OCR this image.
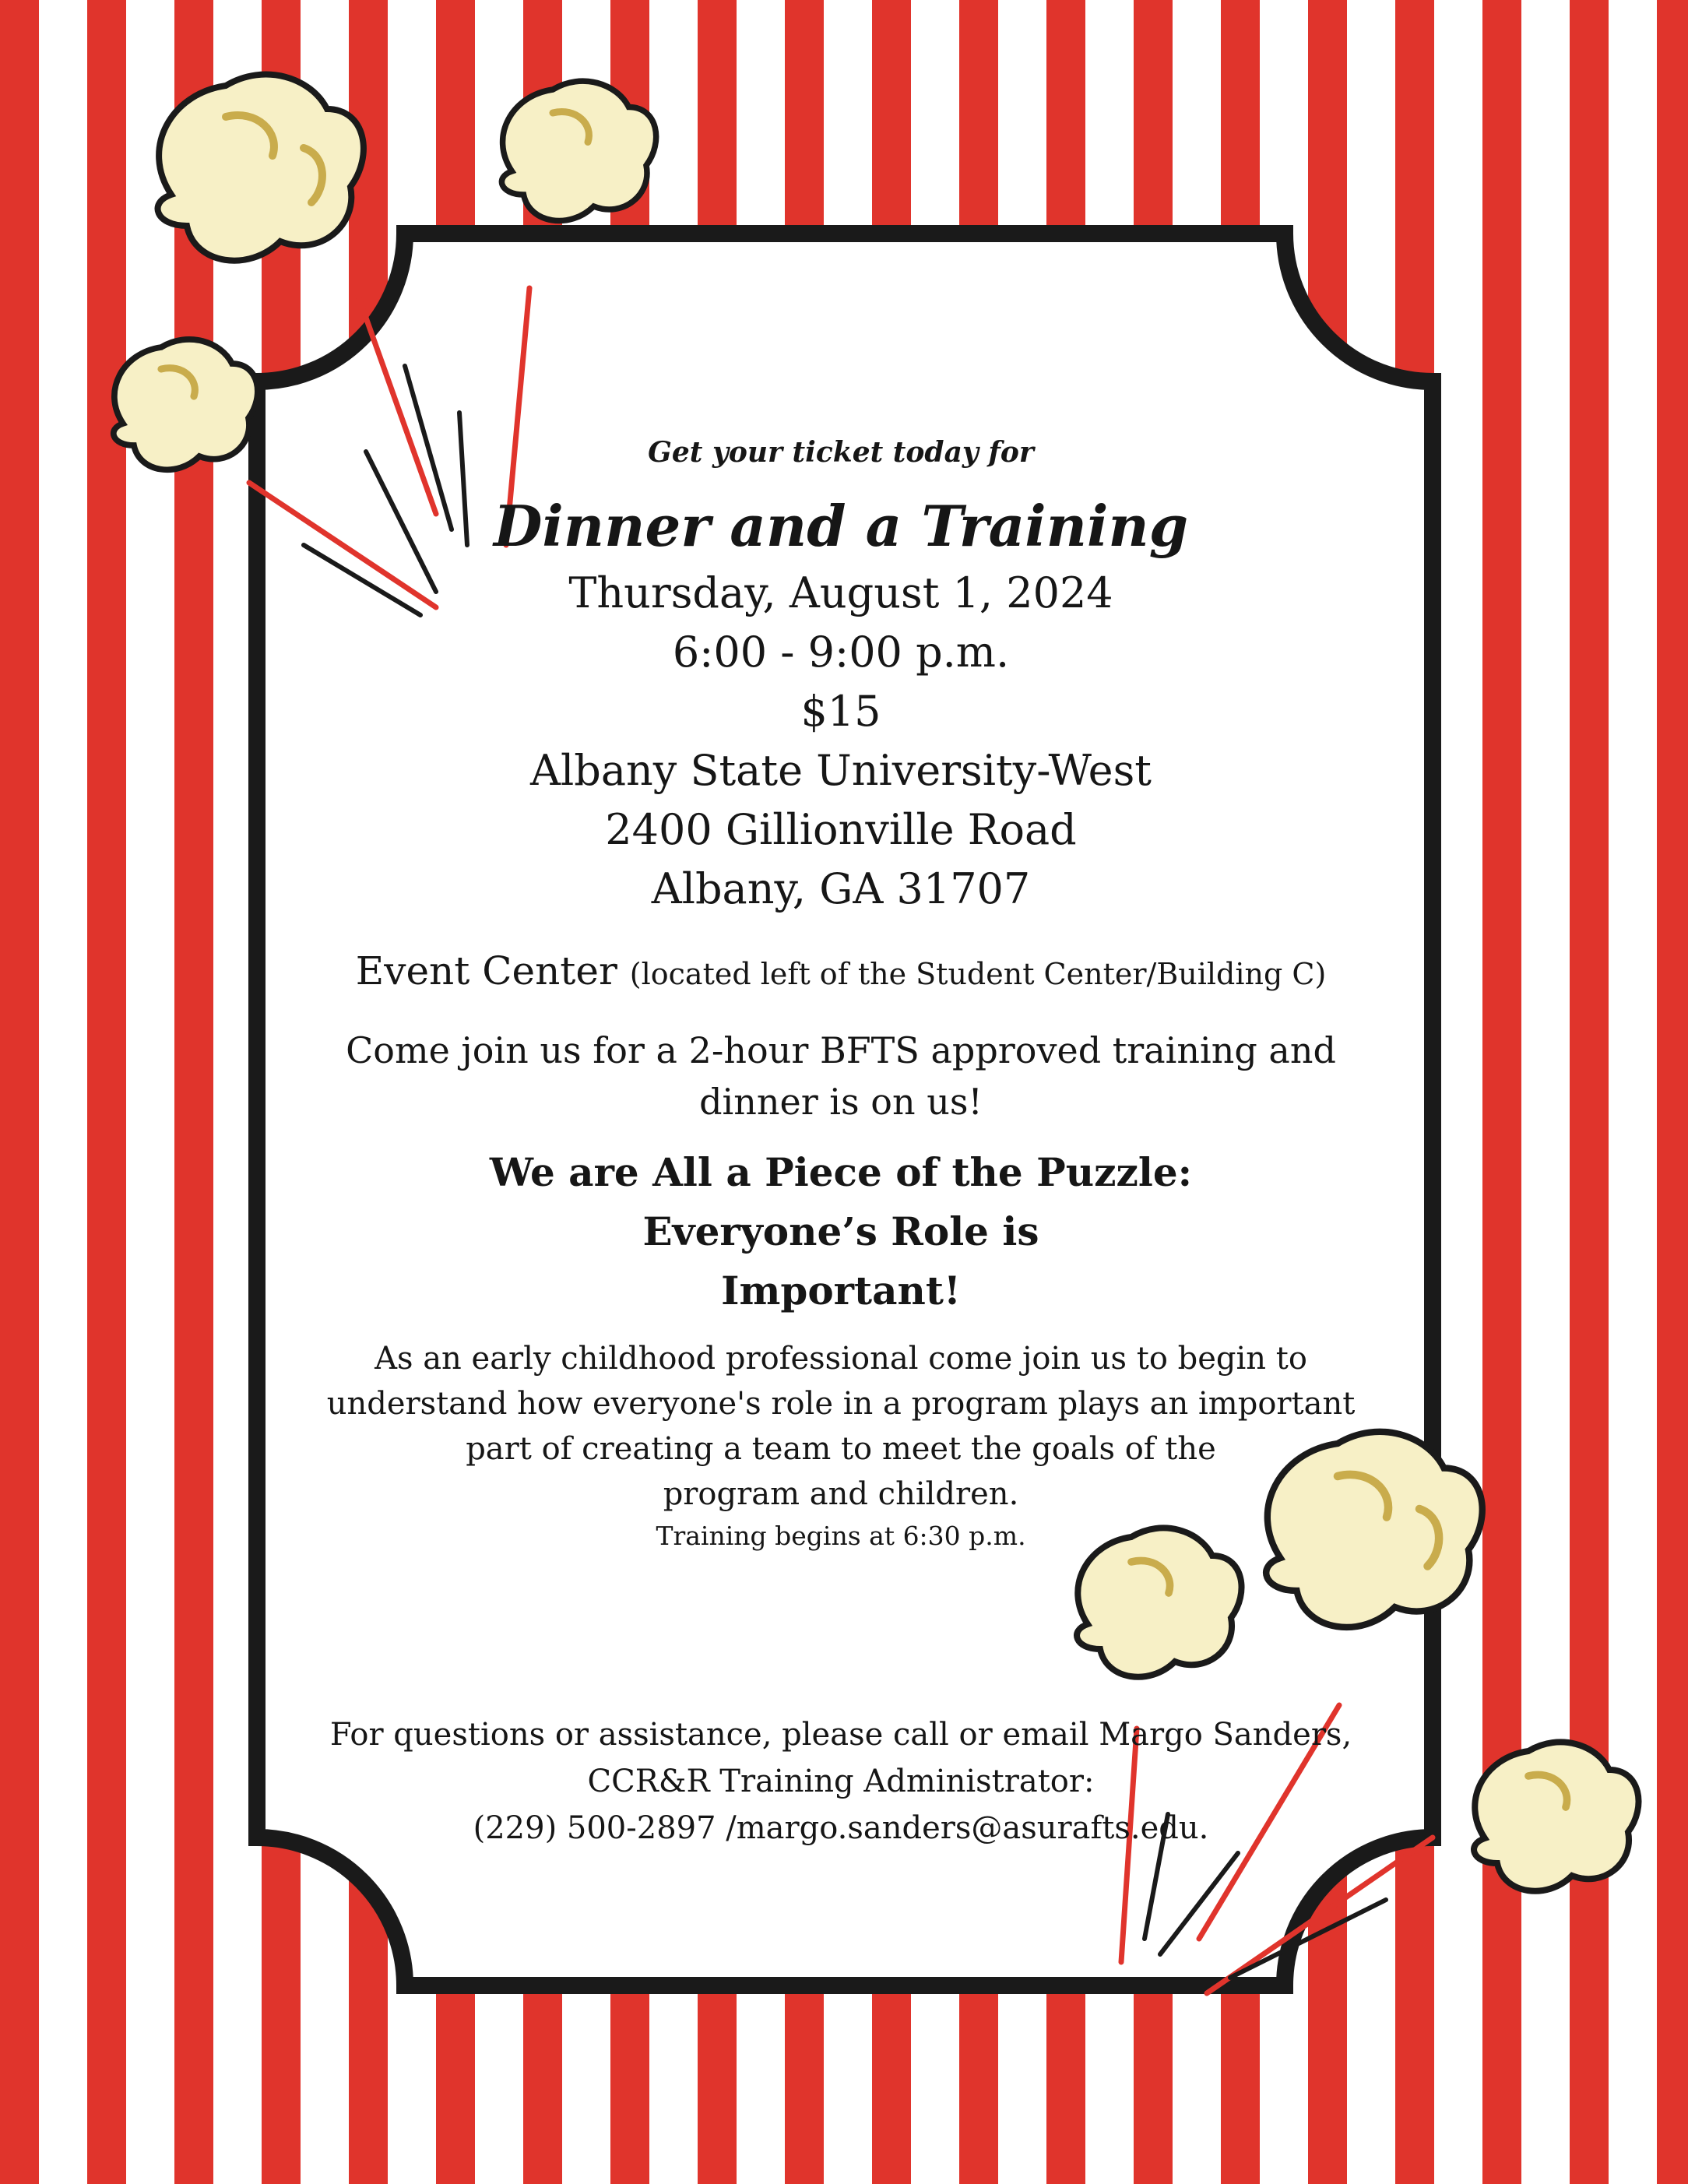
Get your ticket today for
Dinner and a Training
Thursday, August 1, 2024
6:00 - 9:00 p.m.
$15
Albany State University-West
2400 Gillionville Road
Albany, GA 31707
Event Center (located left of the Student Center/Building C)
Come join us for a 2-hour BFTS approved training and
dinner is on us!
We are All a Piece of the Puzzle:
Everyone’s Role is
Important!
As an early childhood professional come join us to begin to
understand how everyone's role in a program plays an important
part of creating a team to meet the goals of the
program and children.
Training begins at 6:30 p.m.
For questions or assistance, please call or email Margo Sanders,
CCR&R Training Administrator:
(229) 500-2897 /margo.sanders@asurafts.edu.
